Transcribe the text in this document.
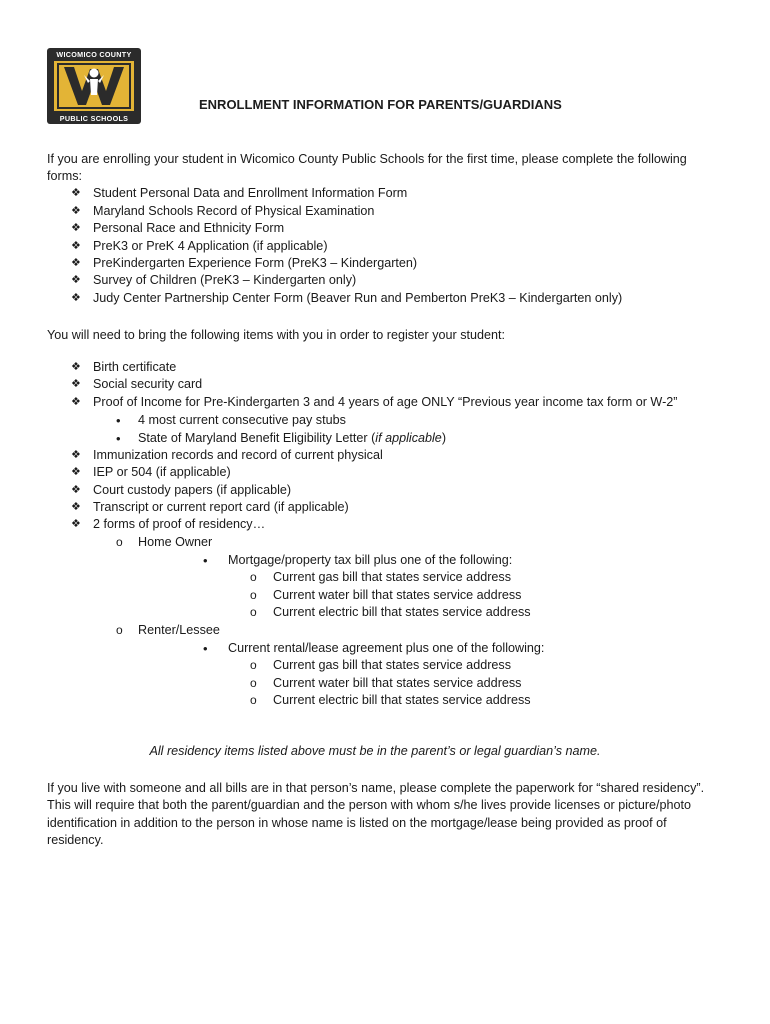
WICOMICO COUNTY
PUBLIC SCHOOLS
ENROLLMENT INFORMATION FOR PARENTS/GUARDIANS
If you are enrolling your student in Wicomico County Public Schools for the first time, please complete the following forms:
❖ Student Personal Data and Enrollment Information Form
❖ Maryland Schools Record of Physical Examination
❖ Personal Race and Ethnicity Form
❖ PreK3 or PreK 4 Application (if applicable)
❖ PreKindergarten Experience Form (PreK3 – Kindergarten)
❖ Survey of Children (PreK3 – Kindergarten only)
❖ Judy Center Partnership Center Form (Beaver Run and Pemberton PreK3 – Kindergarten only)
You will need to bring the following items with you in order to register your student:
❖ Birth certificate
❖ Social security card
❖ Proof of Income for Pre-Kindergarten 3 and 4 years of age ONLY “Previous year income tax form or W-2”
• 4 most current consecutive pay stubs
• State of Maryland Benefit Eligibility Letter (if applicable)
❖ Immunization records and record of current physical
❖ IEP or 504 (if applicable)
❖ Court custody papers (if applicable)
❖ Transcript or current report card (if applicable)
❖ 2 forms of proof of residency…
o Home Owner
• Mortgage/property tax bill plus one of the following:
o Current gas bill that states service address
o Current water bill that states service address
o Current electric bill that states service address
o Renter/Lessee
• Current rental/lease agreement plus one of the following:
o Current gas bill that states service address
o Current water bill that states service address
o Current electric bill that states service address
All residency items listed above must be in the parent’s or legal guardian’s name.
If you live with someone and all bills are in that person’s name, please complete the paperwork for “shared residency”. This will require that both the parent/guardian and the person with whom s/he lives provide licenses or picture/photo identification in addition to the person in whose name is listed on the mortgage/lease being provided as proof of residency.
